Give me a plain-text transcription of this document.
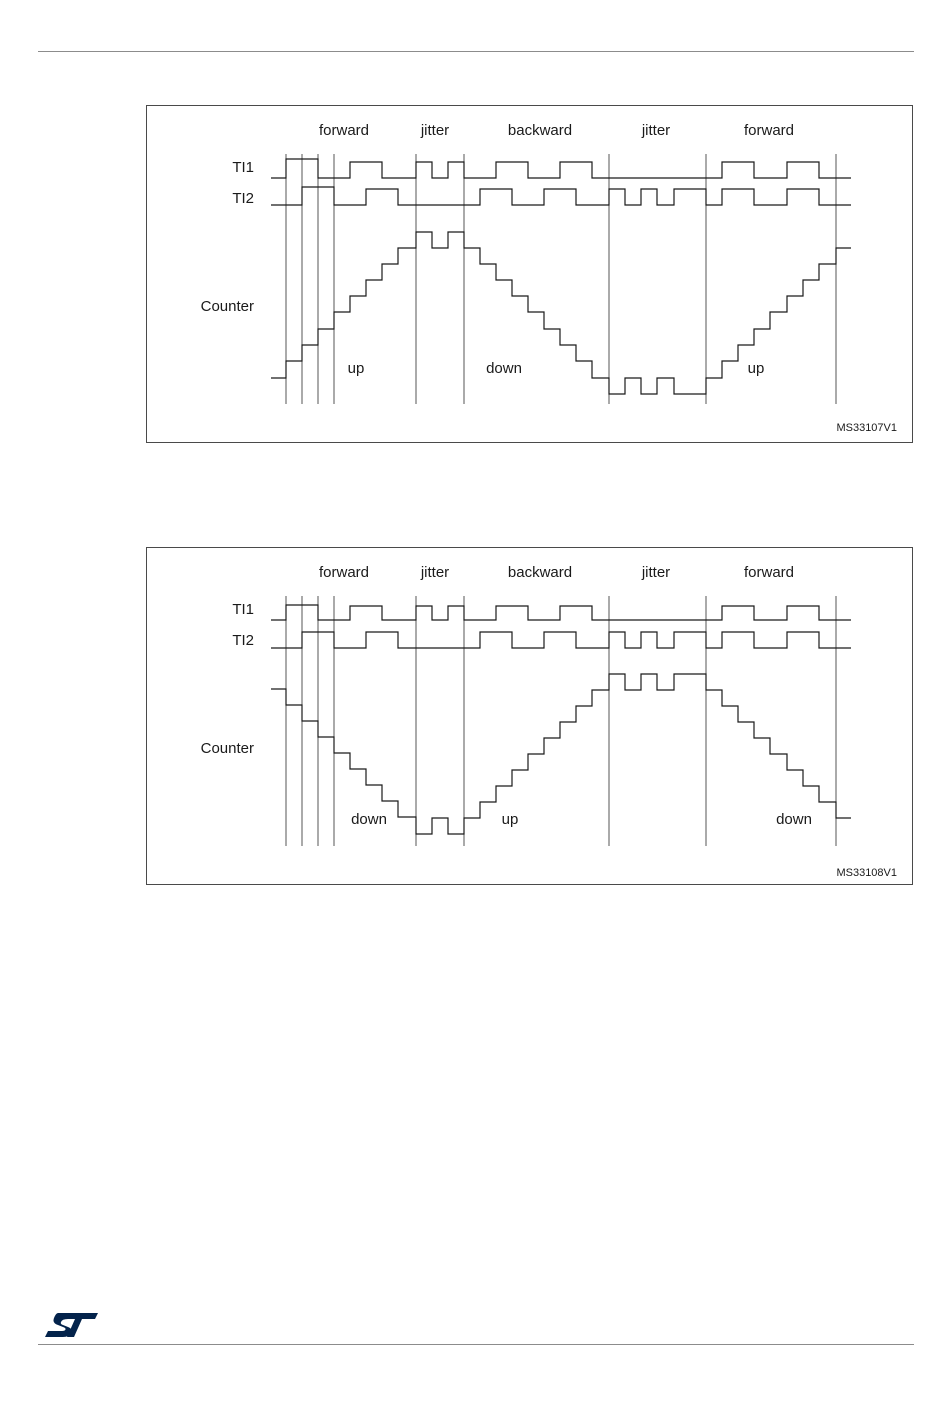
forward	jitter	backward	jitter	forward
TI1
TI2
Counter
up	down	up
MS33107V1
forward	jitter	backward	jitter	forward
TI1
TI2
Counter
down	up	down
MS33108V1
